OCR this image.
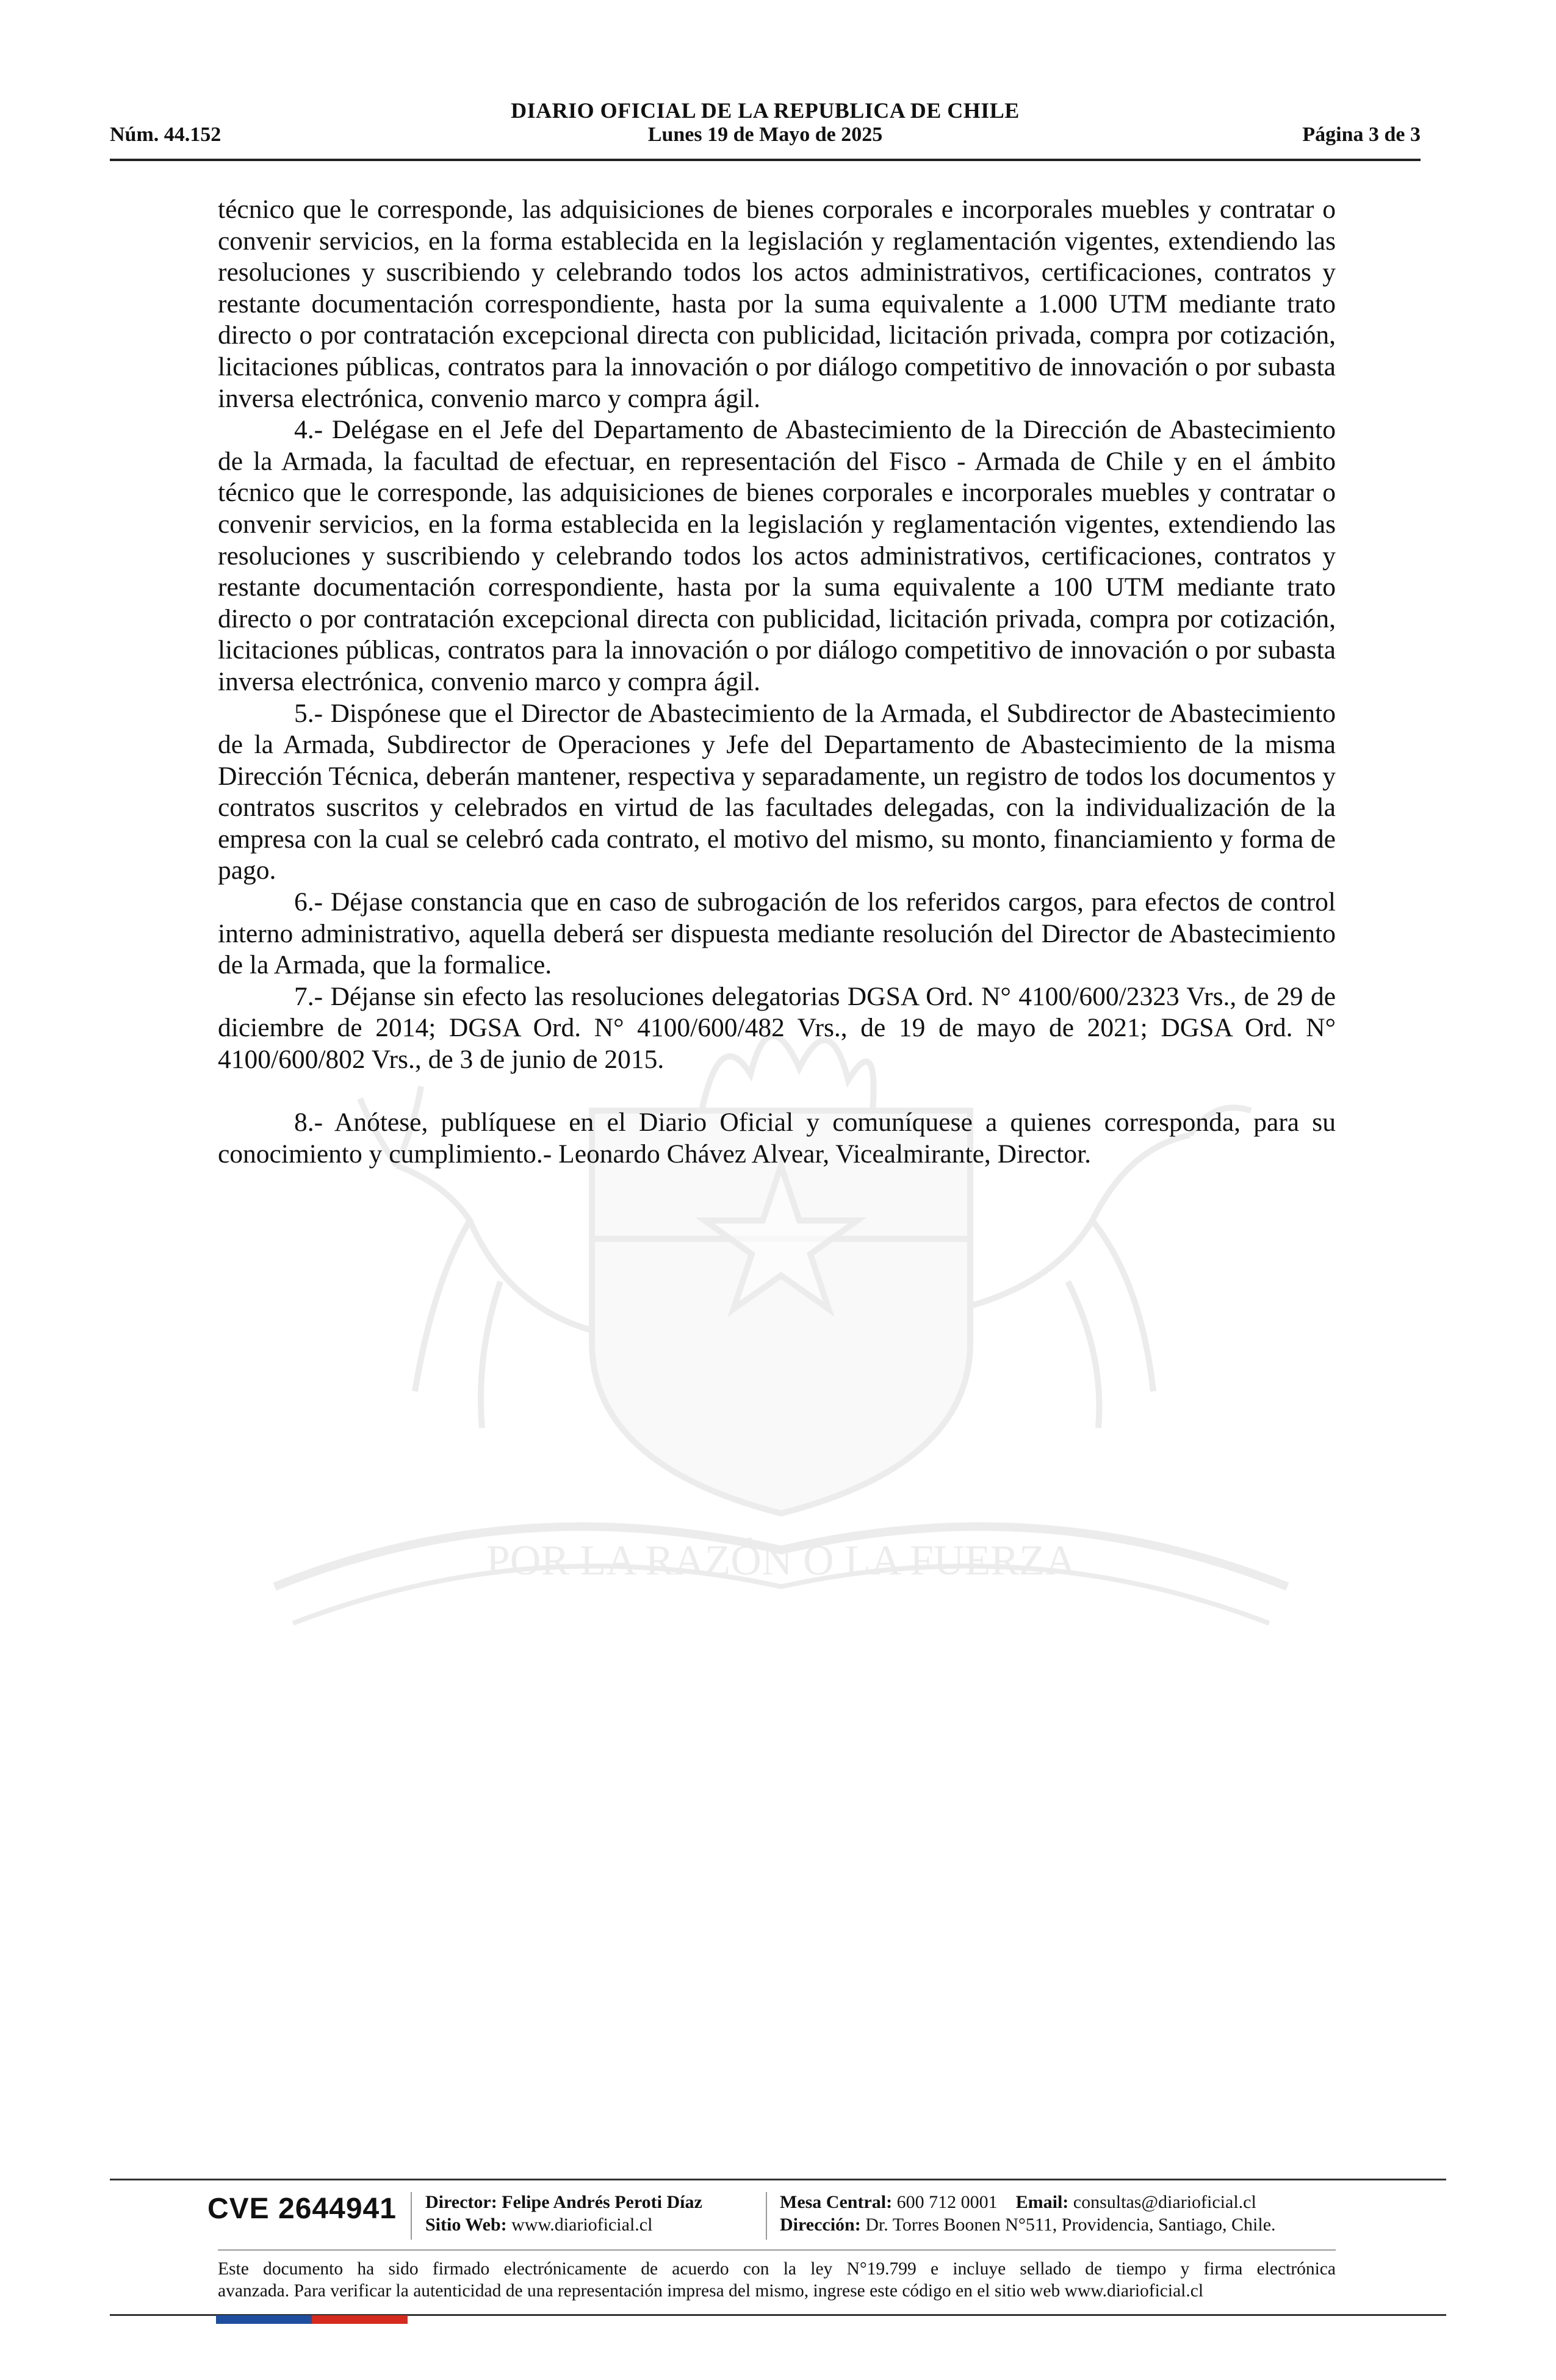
DIARIO OFICIAL DE LA REPUBLICA DE CHILE
Núm. 44.152	Lunes 19 de Mayo de 2025	Página 3 de 3
POR LA RAZÓN O LA FUERZA

técnico que le corresponde, las adquisiciones de bienes corporales e incorporales muebles y contratar o convenir servicios, en la forma establecida en la legislación y reglamentación vigentes, extendiendo las resoluciones y suscribiendo y celebrando todos los actos administrativos, certificaciones, contratos y restante documentación correspondiente, hasta por la suma equivalente a 1.000 UTM mediante trato directo o por contratación excepcional directa con publicidad, licitación privada, compra por cotización, licitaciones públicas, contratos para la innovación o por diálogo competitivo de innovación o por subasta inversa electrónica, convenio marco y compra ágil.

4.- Delégase en el Jefe del Departamento de Abastecimiento de la Dirección de Abastecimiento de la Armada, la facultad de efectuar, en representación del Fisco - Armada de Chile y en el ámbito técnico que le corresponde, las adquisiciones de bienes corporales e incorporales muebles y contratar o convenir servicios, en la forma establecida en la legislación y reglamentación vigentes, extendiendo las resoluciones y suscribiendo y celebrando todos los actos administrativos, certificaciones, contratos y restante documentación correspondiente, hasta por la suma equivalente a 100 UTM mediante trato directo o por contratación excepcional directa con publicidad, licitación privada, compra por cotización, licitaciones públicas, contratos para la innovación o por diálogo competitivo de innovación o por subasta inversa electrónica, convenio marco y compra ágil.

5.- Dispónese que el Director de Abastecimiento de la Armada, el Subdirector de Abastecimiento de la Armada, Subdirector de Operaciones y Jefe del Departamento de Abastecimiento de la misma Dirección Técnica, deberán mantener, respectiva y separadamente, un registro de todos los documentos y contratos suscritos y celebrados en virtud de las facultades delegadas, con la individualización de la empresa con la cual se celebró cada contrato, el motivo del mismo, su monto, financiamiento y forma de pago.

6.- Déjase constancia que en caso de subrogación de los referidos cargos, para efectos de control interno administrativo, aquella deberá ser dispuesta mediante resolución del Director de Abastecimiento de la Armada, que la formalice.

7.- Déjanse sin efecto las resoluciones delegatorias DGSA Ord. N° 4100/600/2323 Vrs., de 29 de diciembre de 2014; DGSA Ord. N° 4100/600/482 Vrs., de 19 de mayo de 2021; DGSA Ord. N° 4100/600/802 Vrs., de 3 de junio de 2015.

8.- Anótese, publíquese en el Diario Oficial y comuníquese a quienes corresponda, para su conocimiento y cumplimiento.- Leonardo Chávez Alvear, Vicealmirante, Director.

CVE 2644941 Director: Felipe Andrés Peroti Díaz
Sitio Web: www.diarioficial.cl
Mesa Central: 600 712 0001 Email: consultas@diarioficial.cl
Dirección: Dr. Torres Boonen N°511, Providencia, Santiago, Chile.
Este documento ha sido firmado electrónicamente de acuerdo con la ley N°19.799 e incluye sellado de tiempo y firma electrónica
avanzada. Para verificar la autenticidad de una representación impresa del mismo, ingrese este código en el sitio web www.diarioficial.cl
